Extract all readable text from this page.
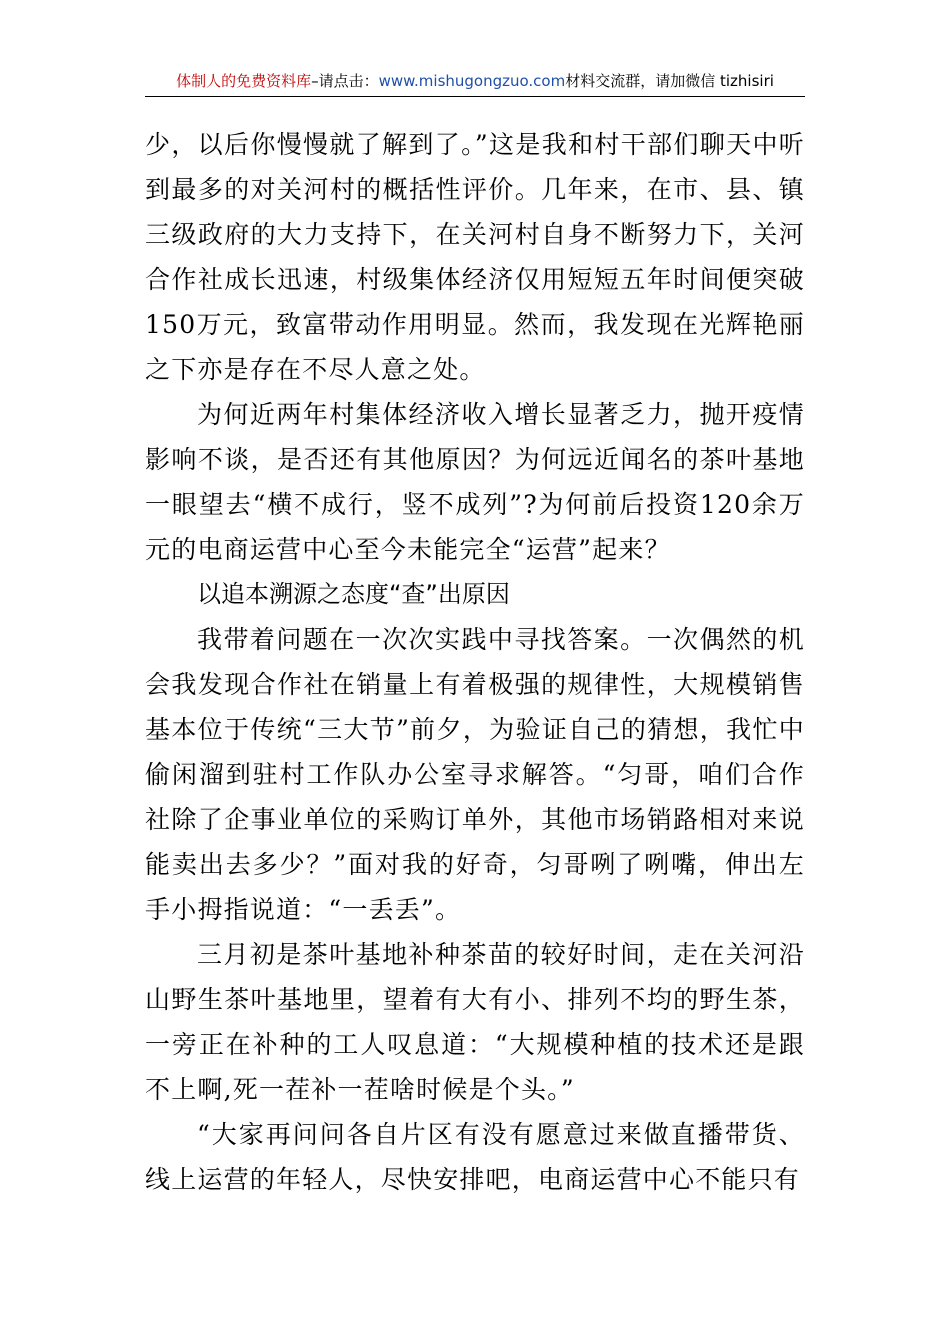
体制人的免费资料库–请点击：www.mishugongzuo.com材料交流群，请加微信 tizhisiri

少，以后你慢慢就了解到了。”这是我和村干部们聊天中听到最多的对关河村的概括性评价。几年来，在市、县、镇三级政府的大力支持下，在关河村自身不断努力下，关河合作社成长迅速，村级集体经济仅用短短五年时间便突破150万元，致富带动作用明显。然而，我发现在光辉艳丽之下亦是存在不尽人意之处。

为何近两年村集体经济收入增长显著乏力，抛开疫情影响不谈，是否还有其他原因？为何远近闻名的茶叶基地一眼望去“横不成行，竖不成列”?为何前后投资120余万元的电商运营中心至今未能完全“运营”起来？

以追本溯源之态度“查”出原因

我带着问题在一次次实践中寻找答案。一次偶然的机会我发现合作社在销量上有着极强的规律性，大规模销售基本位于传统“三大节”前夕，为验证自己的猜想，我忙中偷闲溜到驻村工作队办公室寻求解答。“匀哥，咱们合作社除了企事业单位的采购订单外，其他市场销路相对来说能卖出去多少？”面对我的好奇，匀哥咧了咧嘴，伸出左手小拇指说道：“一丢丢”。

三月初是茶叶基地补种茶苗的较好时间，走在关河沿山野生茶叶基地里，望着有大有小、排列不均的野生茶，一旁正在补种的工人叹息道：“大规模种植的技术还是跟不上啊,死一茬补一茬啥时候是个头。”

“大家再问问各自片区有没有愿意过来做直播带货、线上运营的年轻人，尽快安排吧，电商运营中心不能只有
